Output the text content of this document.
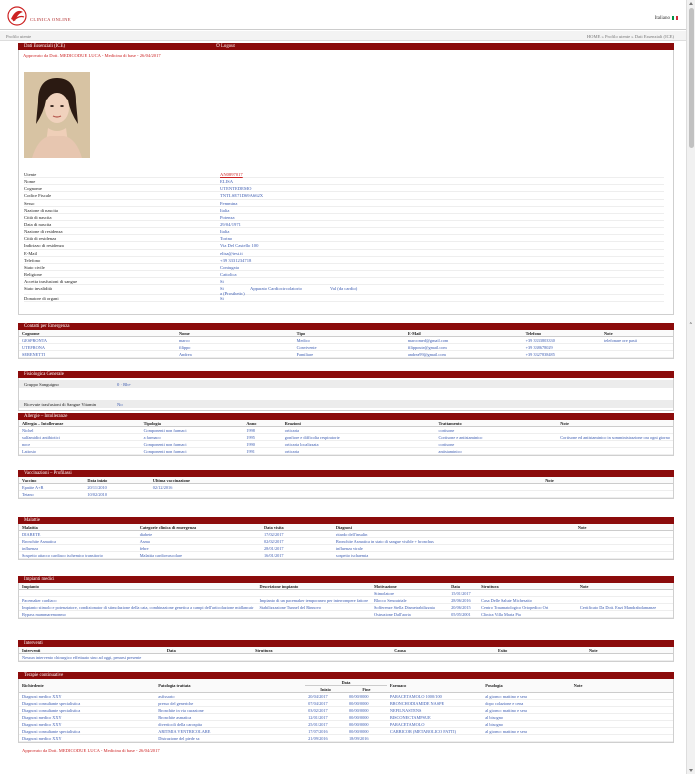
CLINICA ONLINE	Italiano
Profilo utente	HOME » Profilo utente » Dati Essenziali (ICE)
Dati Essenziali (ICE)	⏻ Logout
Approvato da Dott. MEDICODUE LUCA - Medicina di base - 26/04/2017
Utente	AN0897017
Nome	ELISA
Cognome	UTENTEDEMO
Codice Fiscale	TNTLSE71D69A662X
Sesso	Femmina
Nazione di nascita	Italia
Città di nascita	Potenza
Data di nascita	29/04/1971
Nazione di residenza	Italia
Città di residenza	Torino
Indirizzo di residenza	Via Del Castello 100
E-Mail	elisa@test.it
Telefono	+39 3331234718
Stato civile	Coniugata
Religione	Cattolica
Accetta trasfusioni di sangue	Si
Stato invalidità	Si	Apparato Cardiocircolatorio	Val (da cardio)
a (Prosthetic)
Donatore di organi	Si
Contatti per Emergenza
Cognome	Nome	Tipo	E-Mail	Telefono	Note
GESPRONTA	marco	Medico	marcomed@gmail.com	+39 3333803330	telefonare ore pasti
UTEFRONA	filippo	Convivente	filippoute@gmail.com	+39 338678029	
SERENETTI	Andrea	Familiare	andrea99@gmail.com	+39 3327838485	
Fisiologica Generale
Gruppo Sanguigno	0 · Rh+
Ricevute trasfusioni di Sangue Vitamin	No
Allergie – Intolleranze
Allergia – Intolleranze	Tipologia	Anno	Reazioni	Trattamento	Note
Nichel	Componenti non farmaci	1998	orticaria	cortisone	
sulfamidici antibiotici	a farmaco	1995	gonfiore e difficolta respiratorie	Cortisone e antistaminico	Cortisone ed antistaminico in somministrazione ora ogni giorno
noce	Componenti non farmaci	1990	orticaria localizzata	cortisone	
Lattosio	Componenti non farmaci	1991	orticaria	antistaminico	
Vaccinazioni – Profilassi
Vaccino	Data inizio	Ultima vaccinazione	Note
Epatite A+B	20/11/2010	02/12/2016	
Tetano	10/02/2010		
Malattie
Malattia	Categorie clinica di emergenza	Data visita	Diagnosi	Note
DIABETE	diabete	17/02/2017	ritardo dell'insulin	
Bronchite Asmatica	Asma	02/02/2017	Bronchite Asmatica in stato di sangue visible + bronchus	
influenza	febre	28/01/2017	influenza virale	
Sospetto attacco cardiaco ischemico transitorio	Malattia cardiovascolare	16/01/2017	sospetto ischaemia	
Impianti medici
Impianto	Descrizione impianto	Motivazione	Data	Struttura	Note
		Stimolatore	15/01/2017		
Pacemaker cardiaco	Impianto di un pacemaker temporaneo per interrompere fattore	Blocco Senoatriale	28/06/2016	Casa Delle Salute Michesaito	
Impianto stimolo e potenziatore, condizionator di stimolazione della cata, combinazione genetica a campi dell'articolazione midlancair	Stabilizzazione Tunnel del Rinnovo	Sofferenze Stella Dismetrabilizzata	20/06/2015	Centro Traumatologico Ortopedico Ori	Certificato Da Dott. Enzi Mandrabolamanze
Bypass mammaremonmo		Ostruzione Dall'aorta	05/05/2001	Clinica Villa Maria Pia	
Interventi
Interventi	Data	Struttura	Causa	Esito	Note
Nessun intervento chirurgico effettuato sino ad oggi, penarsi presente
Terapie continuative
Richiedente	Patologia trattata	Data		Farmaco	Posologia	Note
		Inizio	Fine			
Diagnosi medico XXY	asfissario	20/04/2017	00/00/0000	PARACETAMOLO 1000/100	al giorno: mattino e sera	
Diagnosi consultante specialistica	presso del generiche	07/04/2017	00/00/0000	BRONCHODIAMIDE NASPE	dopo colazione e cena	
Diagnosi consultante specialistica	Bronchite in via curazione	03/02/2017	00/00/0000	NEFILNASTENS	al giorno: mattino e sera	
Diagnosi medico XXY	Bronchite asmatica	12/01/2017	00/00/0000	BISCONECTAMPSUE	al bisogno	
Diagnosi medico XXY	diverticoli della carospita	25/01/2017	00/00/0000	PARACETAMOLO	al bisogno	
Diagnosi consultante specialistica	ARITMIA VENTRICOLARE	17/07/2016	00/00/0000	CARBICOR (METABOLICO FATTI)	al giorno: mattino e sera	
Diagnosi medico XXY	Distrazione del piede sx	21/09/2016	18/09/2016			
Approvato da Dott. MEDICODUE LUCA - Medicina di base - 26/04/2017
˄
